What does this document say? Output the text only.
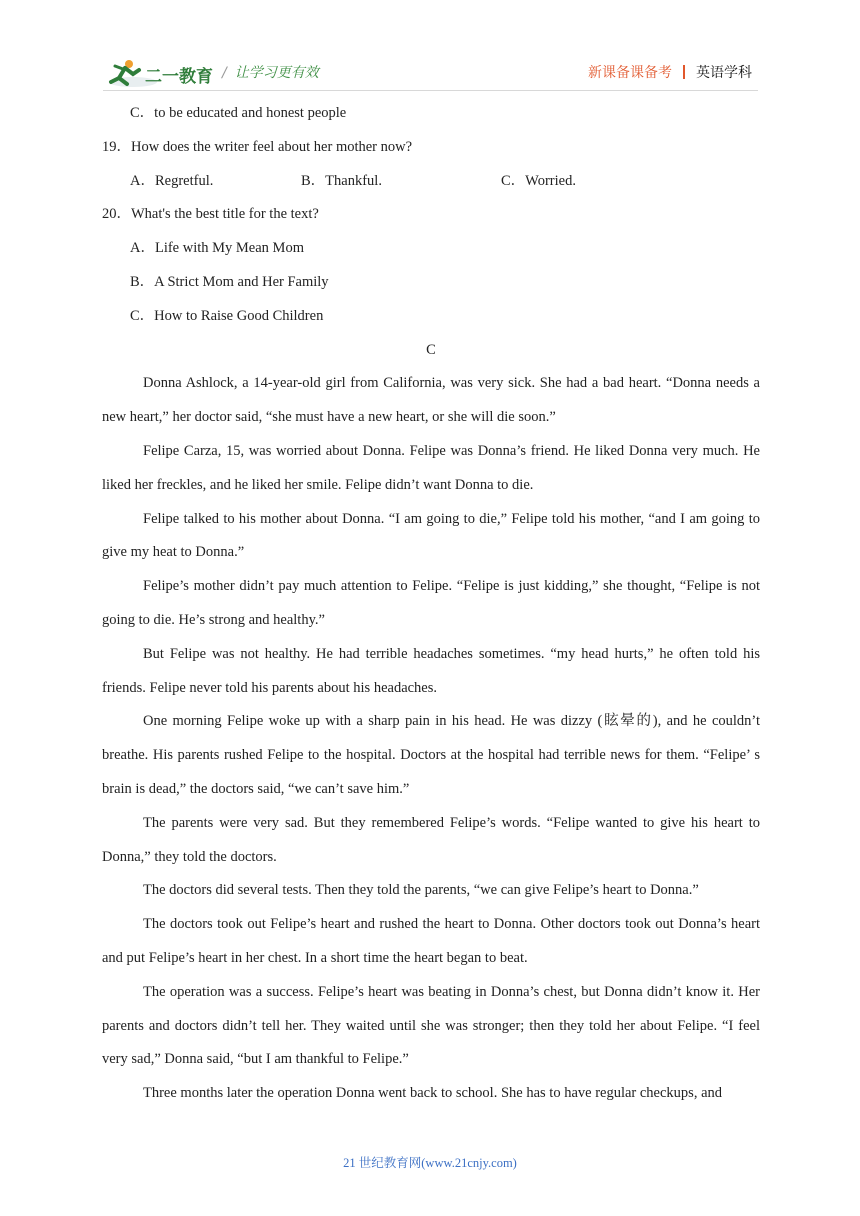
二一教育 / 让学习更有效	新课备课备考 英语学科
C．to be educated and honest people
19．How does the writer feel about her mother now?
A．Regretful.	B．Thankful.	C．Worried.
20．What's the best title for the text?
A．Life with My Mean Mom
B．A Strict Mom and Her Family
C．How to Raise Good Children
C
Donna Ashlock, a 14-year-old girl from California, was very sick. She had a bad heart. “Donna needs a new heart,” her doctor said, “she must have a new heart, or she will die soon.”
Felipe Carza, 15, was worried about Donna. Felipe was Donna’s friend. He liked Donna very much. He liked her freckles, and he liked her smile. Felipe didn’t want Donna to die.
Felipe talked to his mother about Donna. “I am going to die,” Felipe told his mother, “and I am going to give my heat to Donna.”
Felipe’s mother didn’t pay much attention to Felipe. “Felipe is just kidding,” she thought, “Felipe is not going to die. He’s strong and healthy.”
But Felipe was not healthy. He had terrible headaches sometimes. “my head hurts,” he often told his friends. Felipe never told his parents about his headaches.
One morning Felipe woke up with a sharp pain in his head. He was dizzy (眩晕的), and he couldn’t breathe. His parents rushed Felipe to the hospital. Doctors at the hospital had terrible news for them. “Felipe’ s brain is dead,” the doctors said, “we can’t save him.”
The parents were very sad. But they remembered Felipe’s words. “Felipe wanted to give his heart to Donna,” they told the doctors.
The doctors did several tests. Then they told the parents, “we can give Felipe’s heart to Donna.”
The doctors took out Felipe’s heart and rushed the heart to Donna. Other doctors took out Donna’s heart and put Felipe’s heart in her chest. In a short time the heart began to beat.
The operation was a success. Felipe’s heart was beating in Donna’s chest, but Donna didn’t know it. Her parents and doctors didn’t tell her. They waited until she was stronger; then they told her about Felipe. “I feel very sad,” Donna said, “but I am thankful to Felipe.”
Three months later the operation Donna went back to school. She has to have regular checkups, and
21 世纪教育网(www.21cnjy.com)
